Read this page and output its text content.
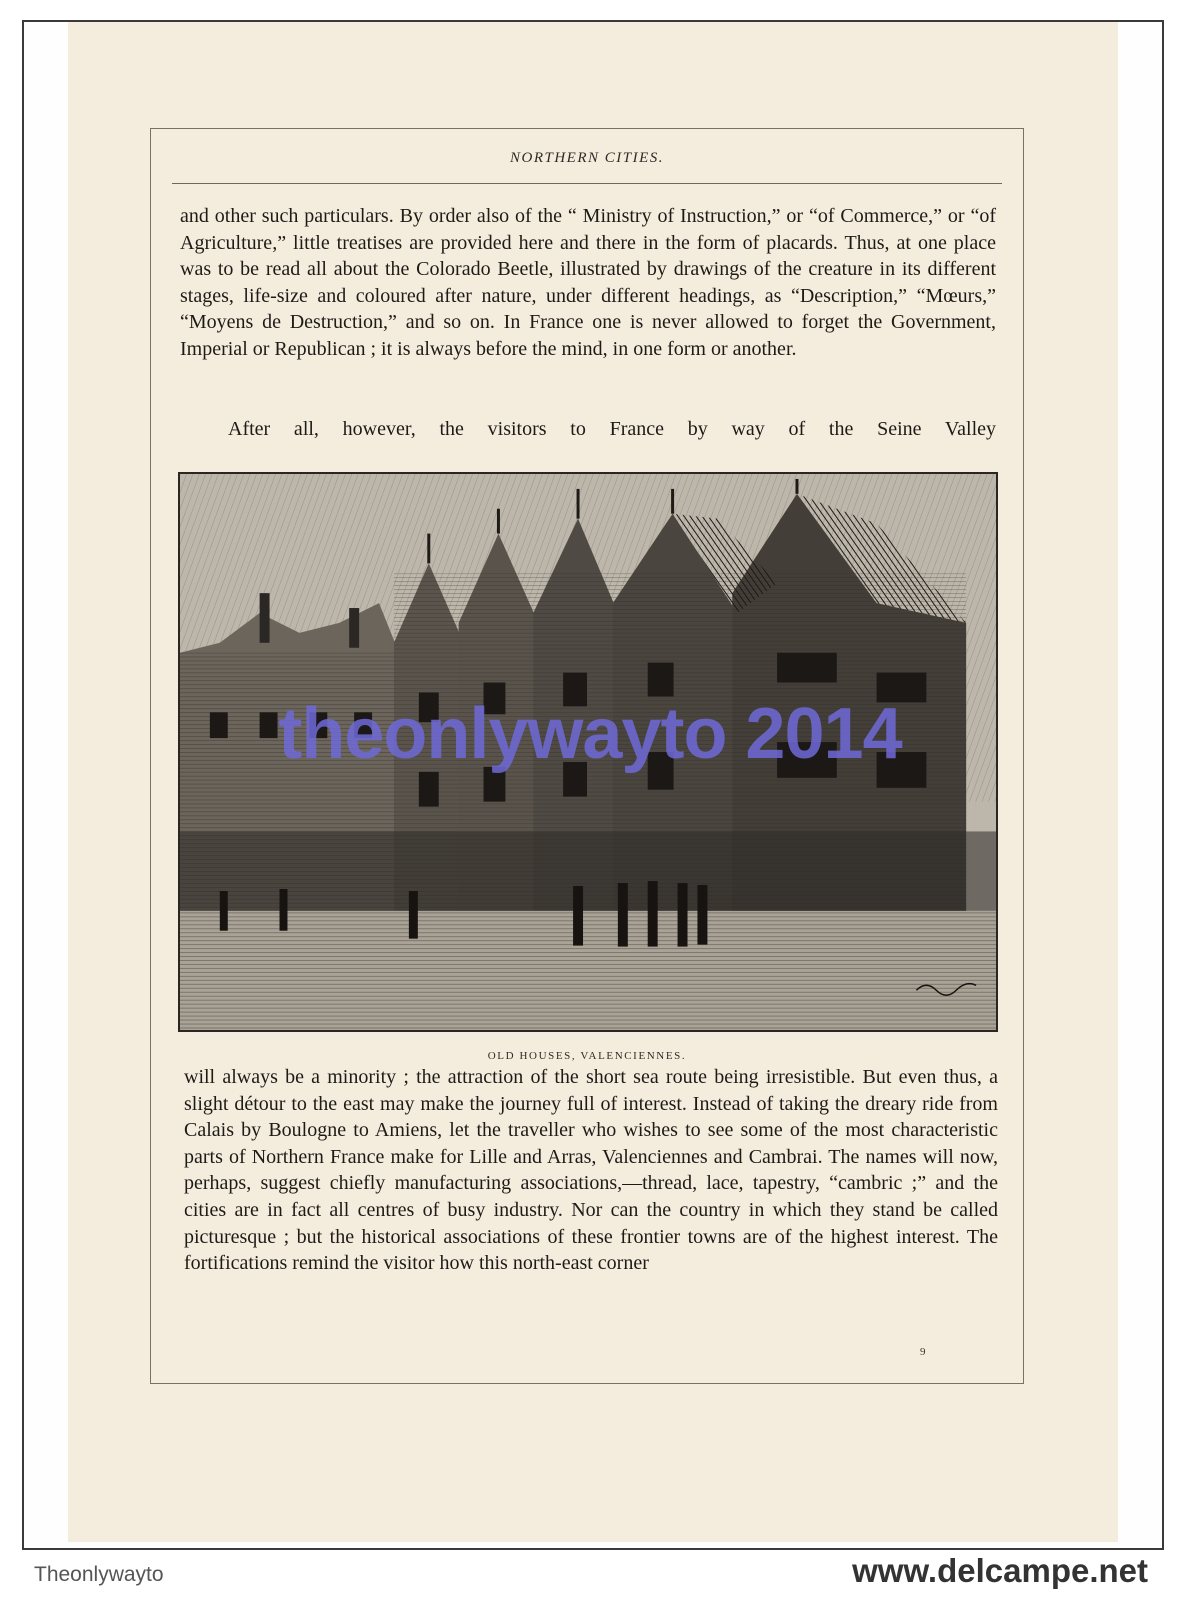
NORTHERN CITIES.

and other such particulars. By order also of the “ Ministry of Instruction,” or “of Commerce,” or “of Agriculture,” little treatises are provided here and there in the form of placards. Thus, at one place was to be read all about the Colorado Beetle, illustrated by drawings of the creature in its different stages, life-size and coloured after nature, under different headings, as “Description,” “Mœurs,” “Moyens de Destruction,” and so on. In France one is never allowed to forget the Government, Imperial or Republican ; it is always before the mind, in one form or another.

After all, however, the visitors to France by way of the Seine Valley

OLD HOUSES, VALENCIENNES.

will always be a minority ; the attraction of the short sea route being irresistible. But even thus, a slight détour to the east may make the journey full of interest. Instead of taking the dreary ride from Calais by Boulogne to Amiens, let the traveller who wishes to see some of the most characteristic parts of Northern France make for Lille and Arras, Valenciennes and Cambrai. The names will now, perhaps, suggest chiefly manufacturing associations,—thread, lace, tapestry, “cambric ;” and the cities are in fact all centres of busy industry. Nor can the country in which they stand be called picturesque ; but the historical associations of these frontier towns are of the highest interest. The fortifications remind the visitor how this north-east corner

9
theonlywayto 2014
Theonlywayto	www.delcampe.net
